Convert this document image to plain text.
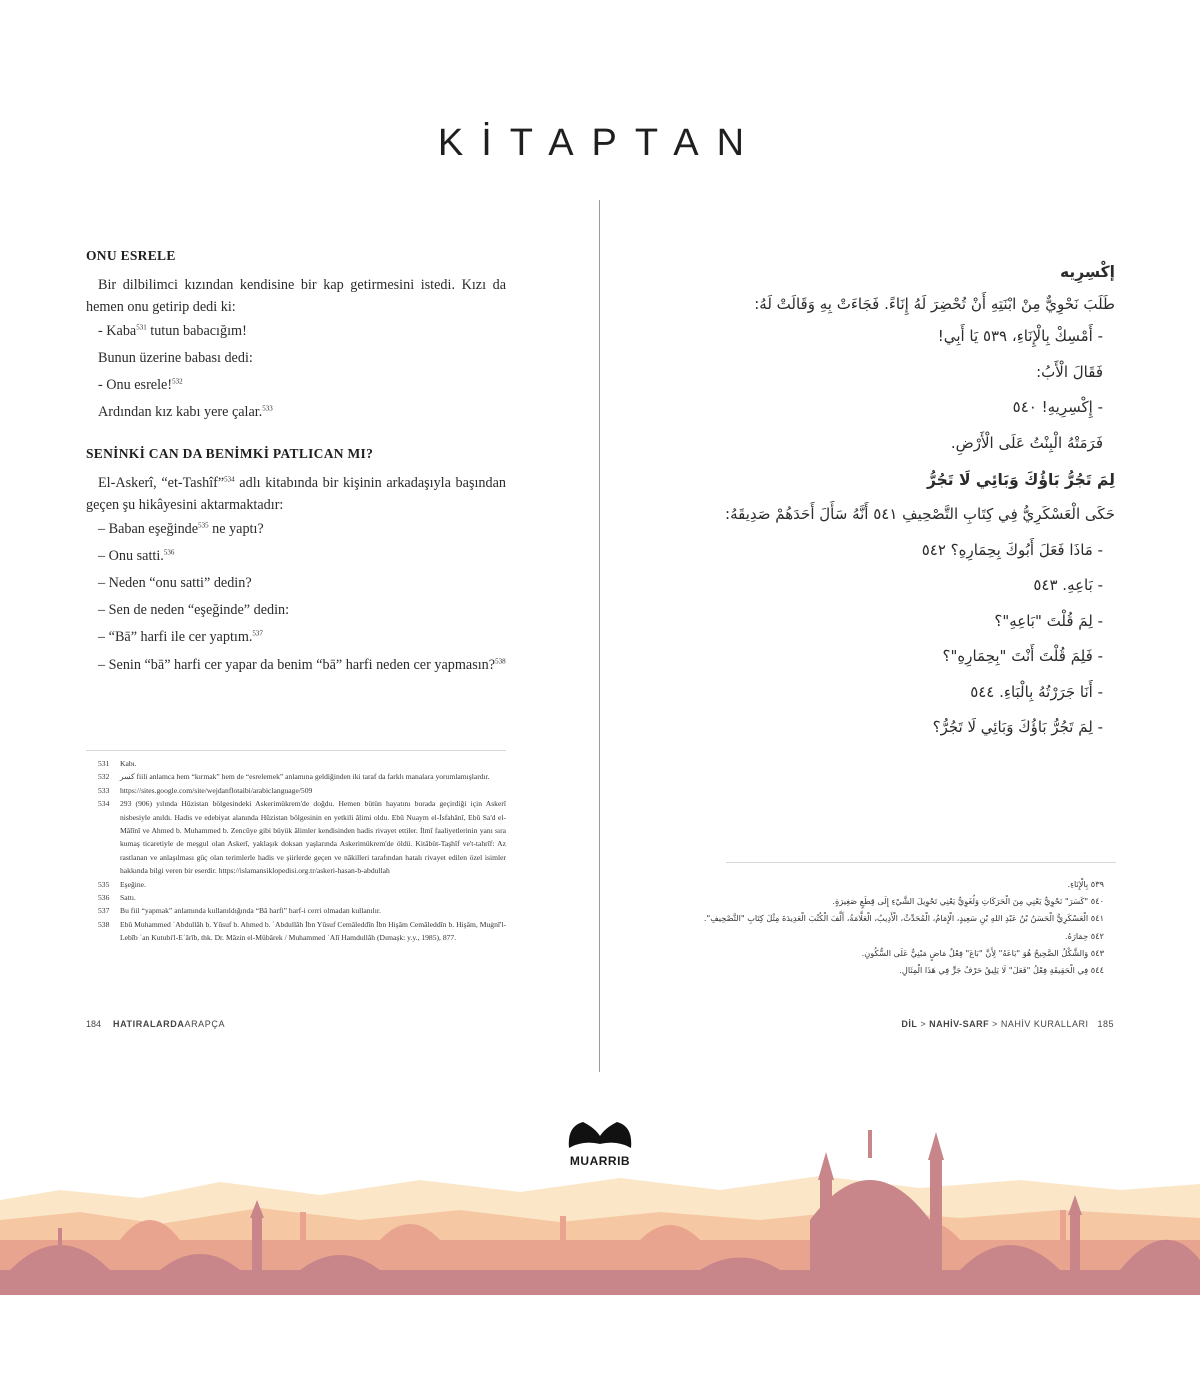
KİTAPTAN
ONU ESRELE

Bir dilbilimci kızından kendisine bir kap getirmesini istedi. Kızı da hemen onu getirip dedi ki:

- Kaba$^{531}$ tutun babacığım!
Bunun üzerine babası dedi:
- Onu esrele!$^{532}$
Ardından kız kabı yere çalar.$^{533}$
SENİNKİ CAN DA BENİMKİ PATLICAN MI?

El-Askerî, “et-Tashîf”$^{534}$ adlı kitabında bir kişinin arkadaşıyla başından geçen şu hikâyesini aktarmaktadır:

– Baban eşeğinde$^{535}$ ne yaptı?
– Onu satti.$^{536}$
– Neden “onu satti” dedin?
– Sen de neden “eşeğinde” dedin:
– “Bā” harfi ile cer yaptım.$^{537}$

– Senin “bā” harfi cer yapar da benim “bā” harfi neden cer yapmasın?$^{538}$

531	Kabı.
532	كسر fiili anlamca hem “kırmak” hem de “esrelemek” anlamına geldiğinden iki taraf da farklı manalara yorumlamışlardır.
533	https://sites.google.com/site/wejdanflotaibi/arabiclanguage/509
534	293 (906) yılında Hûzistan bölgesindeki Askerimükrem'de doğdu. Hemen bütün hayatını burada geçirdiği için Askerî nisbesiyle anıldı. Hadis ve edebiyat alanında Hûzistan bölgesinin en yetkili âlimi oldu. Ebû Nuaym el-İsfahânî, Ebû Sa'd el-Mâlînî ve Ahmed b. Muhammed b. Zencûye gibi büyük âlimler kendisinden hadis rivayet ettiler. İlmî faaliyetlerinin yanı sıra kumaş ticaretiyle de meşgul olan Askerî, yaklaşık doksan yaşlarında Askerimükrem'de öldü. Kitâbüt-Taşhîf ve't-tahrîf: Az rastlanan ve anlaşılması güç olan terimlerle hadis ve şiirlerde geçen ve nâkilleri tarafından hatalı rivayet edilen özel isimler hakkında bilgi veren bir eserdir. https://islamansiklopedisi.org.tr/askeri-hasan-b-abdullah
535	Eşeğine.
536	Sattı.
537	Bu fiil “yapmak” anlamında kullanıldığında “Bā harfi” harf-i cerri olmadan kullanılır.
538	Ebû Muhammed ʿAbdullâh b. Yûsuf b. Ahmed b. ʿAbdullâh İbn Yûsuf Cemâleddîn İbn Hişâm Cemâleddîn b. Hişâm, Muġnī'l-Lebīb ʿan Kutubi'l-Eʿārīb, thk. Dr. Mâzin el-Mübârek / Muhammed ʿAlî Hamdullâh (Dımaşk: y.y., 1985), 877.
184 HATIRALARDAARAPÇA

إكْسِرِيه

طَلَبَ نَحْوِيٌّ مِنْ ابْنَتِهِ أَنْ تُحْضِرَ لَهُ إِنَاءً. فَجَاءَتْ بِهِ وَقَالَتْ لَهُ:

- أَمْسِكْ بِالْإِنَاءِ، ٥٣٩ يَا أَبِي!

فَقَالَ الْأَبُ:

- إِكْسِرِيهِ! ٥٤٠

فَرَمَتْهُ الْبِنْتُ عَلَى الْأَرْضِ.

لِمَ تَجُرُّ بَاؤُكَ وَبَائِي لَا تَجُرُّ

حَكَى الْعَسْكَرِيُّ فِي كِتَابِ التَّصْحِيفِ ٥٤١ أَنَّهُ سَأَلَ أَحَدَهُمْ صَدِيقَهُ:

- مَاذَا فَعَلَ أَبُوكَ بِحِمَارِهِ؟ ٥٤٢

- بَاعِهِ. ٥٤٣

- لِمَ قُلْتَ "بَاعِهِ"؟

- فَلِمَ قُلْتَ أَنْتَ "بِحِمَارِهِ"؟

- أَنَا جَرَرْتُهُ بِالْبَاءِ. ٥٤٤

- لِمَ تَجُرُّ بَاؤُكَ وَبَائِي لَا تَجُرُّ؟

٥٣٩ بِالْإِنَاءِ.
٥٤٠ "كَسَرَ" نَحْوِيٌّ يَعْنِي مِنَ الْحَرَكَاتِ وَلُغَوِيٌّ يَعْنِي تَحْوِيلَ الشَّيْءِ إِلَى قِطَعٍ صَغِيرَةٍ.
٥٤١ الْعَسْكَرِيُّ الْحَسَنُ بْنُ عَبْدِ اللهِ بْنِ سَعِيدٍ، الْإِمَامُ، الْمُحَدِّثُ، الْأَدِيبُ، الْعَلَّامَةُ، أَلَّفَ الْكُتُبَ الْعَدِيدَةَ مِثْلَ كِتَابِ "التَّصْحِيفِ".
٥٤٢ حِمَارَهُ.
٥٤٣ وَالشَّكْلُ الصَّحِيحُ هُوَ "بَاعَهُ" لِأَنَّ "بَاعَ" فِعْلٌ مَاضٍ مَبْنِيٌّ عَلَى السُّكُونِ.
٥٤٤ فِي الْحَقِيقَةِ فِعْلُ "فَعَلَ" لَا يَلِيقُ حَرْفُ جَرٍّ فِي هَذَا الْمِثَالِ.
DİL > NAHİV-SARF > NAHİV KURALLARI 185
MUARRIB
